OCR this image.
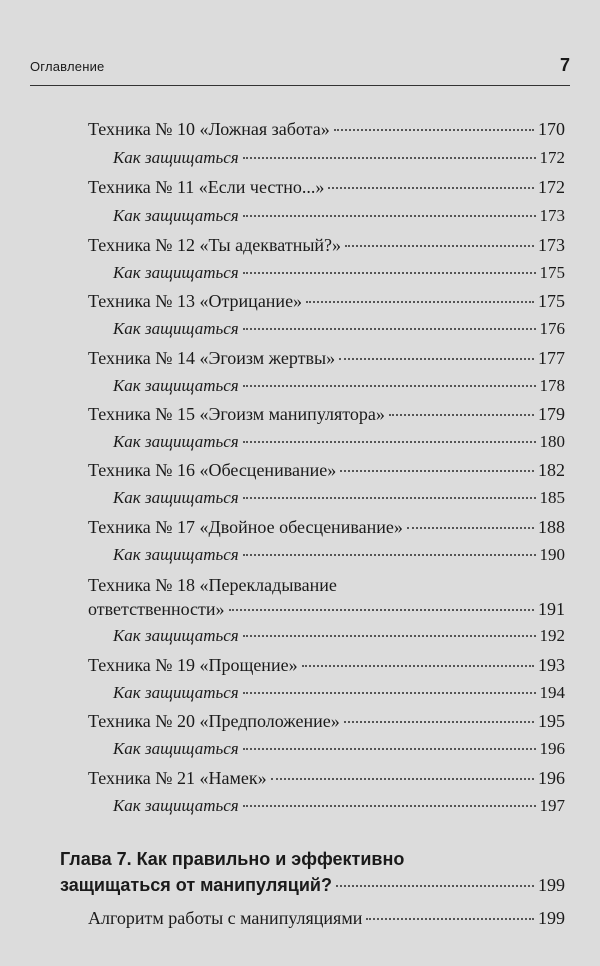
Оглавление	7
Техника № 10 «Ложная забота»	170
Как защищаться	172
Техника № 11 «Если честно...»	172
Как защищаться	173
Техника № 12 «Ты адекватный?»	173
Как защищаться	175
Техника № 13 «Отрицание»	175
Как защищаться	176
Техника № 14 «Эгоизм жертвы»	177
Как защищаться	178
Техника № 15 «Эгоизм манипулятора»	179
Как защищаться	180
Техника № 16 «Обесценивание»	182
Как защищаться	185
Техника № 17 «Двойное обесценивание»	188
Как защищаться	190
Техника № 18 «Перекладывание
ответственности»	191
Как защищаться	192
Техника № 19 «Прощение»	193
Как защищаться	194
Техника № 20 «Предположение»	195
Как защищаться	196
Техника № 21 «Намек»	196
Как защищаться	197
Глава 7. Как правильно и эффективно
защищаться от манипуляций?	199
Алгоритм работы с манипуляциями	199
